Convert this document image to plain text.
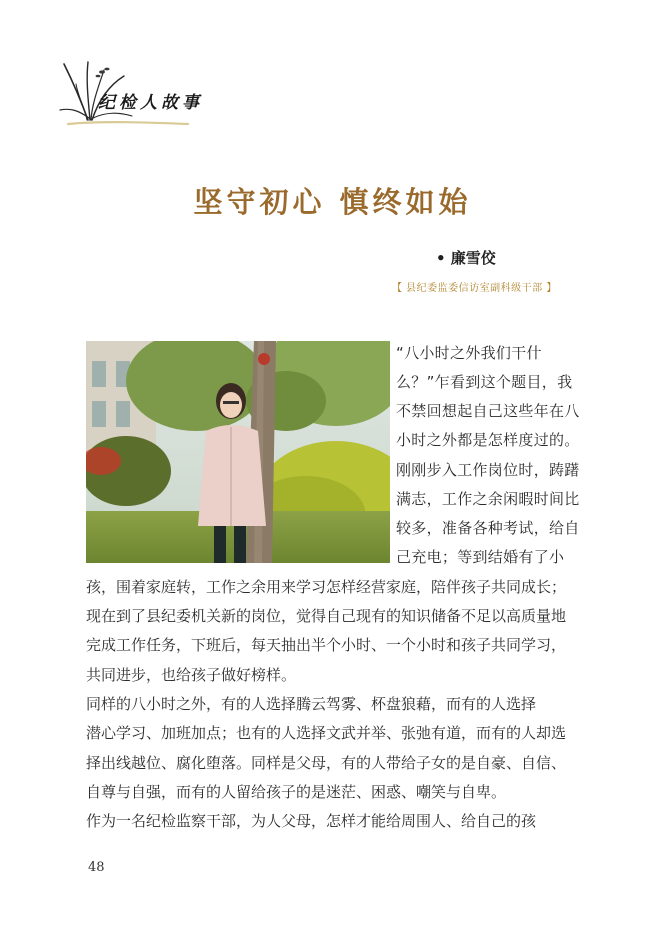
纪检人故事
坚守初心 慎终如始
• 廉雪佼
【 县纪委监委信访室副科级干部 】
“八小时之外我们干什
么？”乍看到这个题目，我
不禁回想起自己这些年在八
小时之外都是怎样度过的。
刚刚步入工作岗位时，踌躇
满志，工作之余闲暇时间比
较多，准备各种考试，给自
己充电；等到结婚有了小
孩，围着家庭转，工作之余用来学习怎样经营家庭，陪伴孩子共同成长；
现在到了县纪委机关新的岗位，觉得自己现有的知识储备不足以高质量地
完成工作任务，下班后，每天抽出半个小时、一个小时和孩子共同学习，
共同进步，也给孩子做好榜样。
同样的八小时之外，有的人选择腾云驾雾、杯盘狼藉，而有的人选择
潜心学习、加班加点；也有的人选择文武并举、张弛有道，而有的人却选
择出线越位、腐化堕落。同样是父母，有的人带给子女的是自豪、自信、
自尊与自强，而有的人留给孩子的是迷茫、困惑、嘲笑与自卑。
作为一名纪检监察干部，为人父母，怎样才能给周围人、给自己的孩
48
